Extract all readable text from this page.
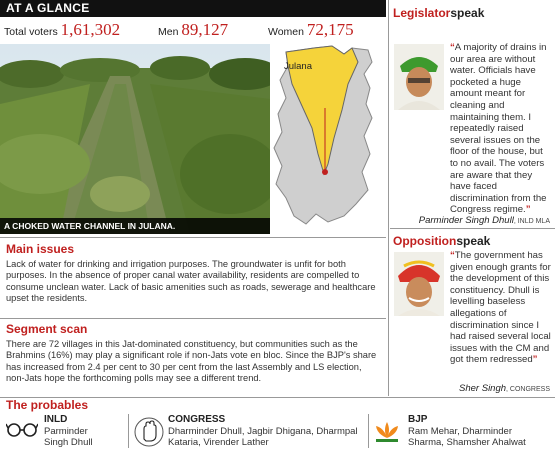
AT A GLANCE
Total voters 1,61,302	Men 89,127	Women 72,175
A CHOKED WATER CHANNEL IN JULANA.
Julana
Main issues
Lack of water for drinking and irrigation purposes. The groundwater is unfit for both purposes. In the absence of proper canal water availability, residents are compelled to consume unclean water. Lack of basic amenities such as roads, sewerage and healthcare upset the residents.
Segment scan
There are 72 villages in this Jat-dominated constituency, but communities such as the Brahmins (16%) may play a significant role if non-Jats vote en bloc. Since the BJP's share has increased from 2.4 per cent to 30 per cent from the last Assembly and LS election, non-Jats hope the forthcoming polls may see a different trend.
Legislatorspeak
“A majority of drains in our area are without water. Officials have pocketed a huge amount meant for cleaning and maintaining them. I repeatedly raised several issues on the floor of the house, but to no avail. The voters are aware that they have faced discrimination from the Congress regime.”
Parminder Singh Dhull, INLD MLA
Oppositionspeak
“The government has given enough grants for the development of this constituency. Dhull is levelling baseless allegations of discrimination since I had raised several local issues with the CM and got them redressed”
Sher Singh, CONGRESS
The probables
INLD
Parminder Singh Dhull
CONGRESS
Dharminder Dhull, Jagbir Dhigana, Dharmpal Kataria, Virender Lather
BJP
Ram Mehar, Dharminder Sharma, Shamsher Ahalwat
